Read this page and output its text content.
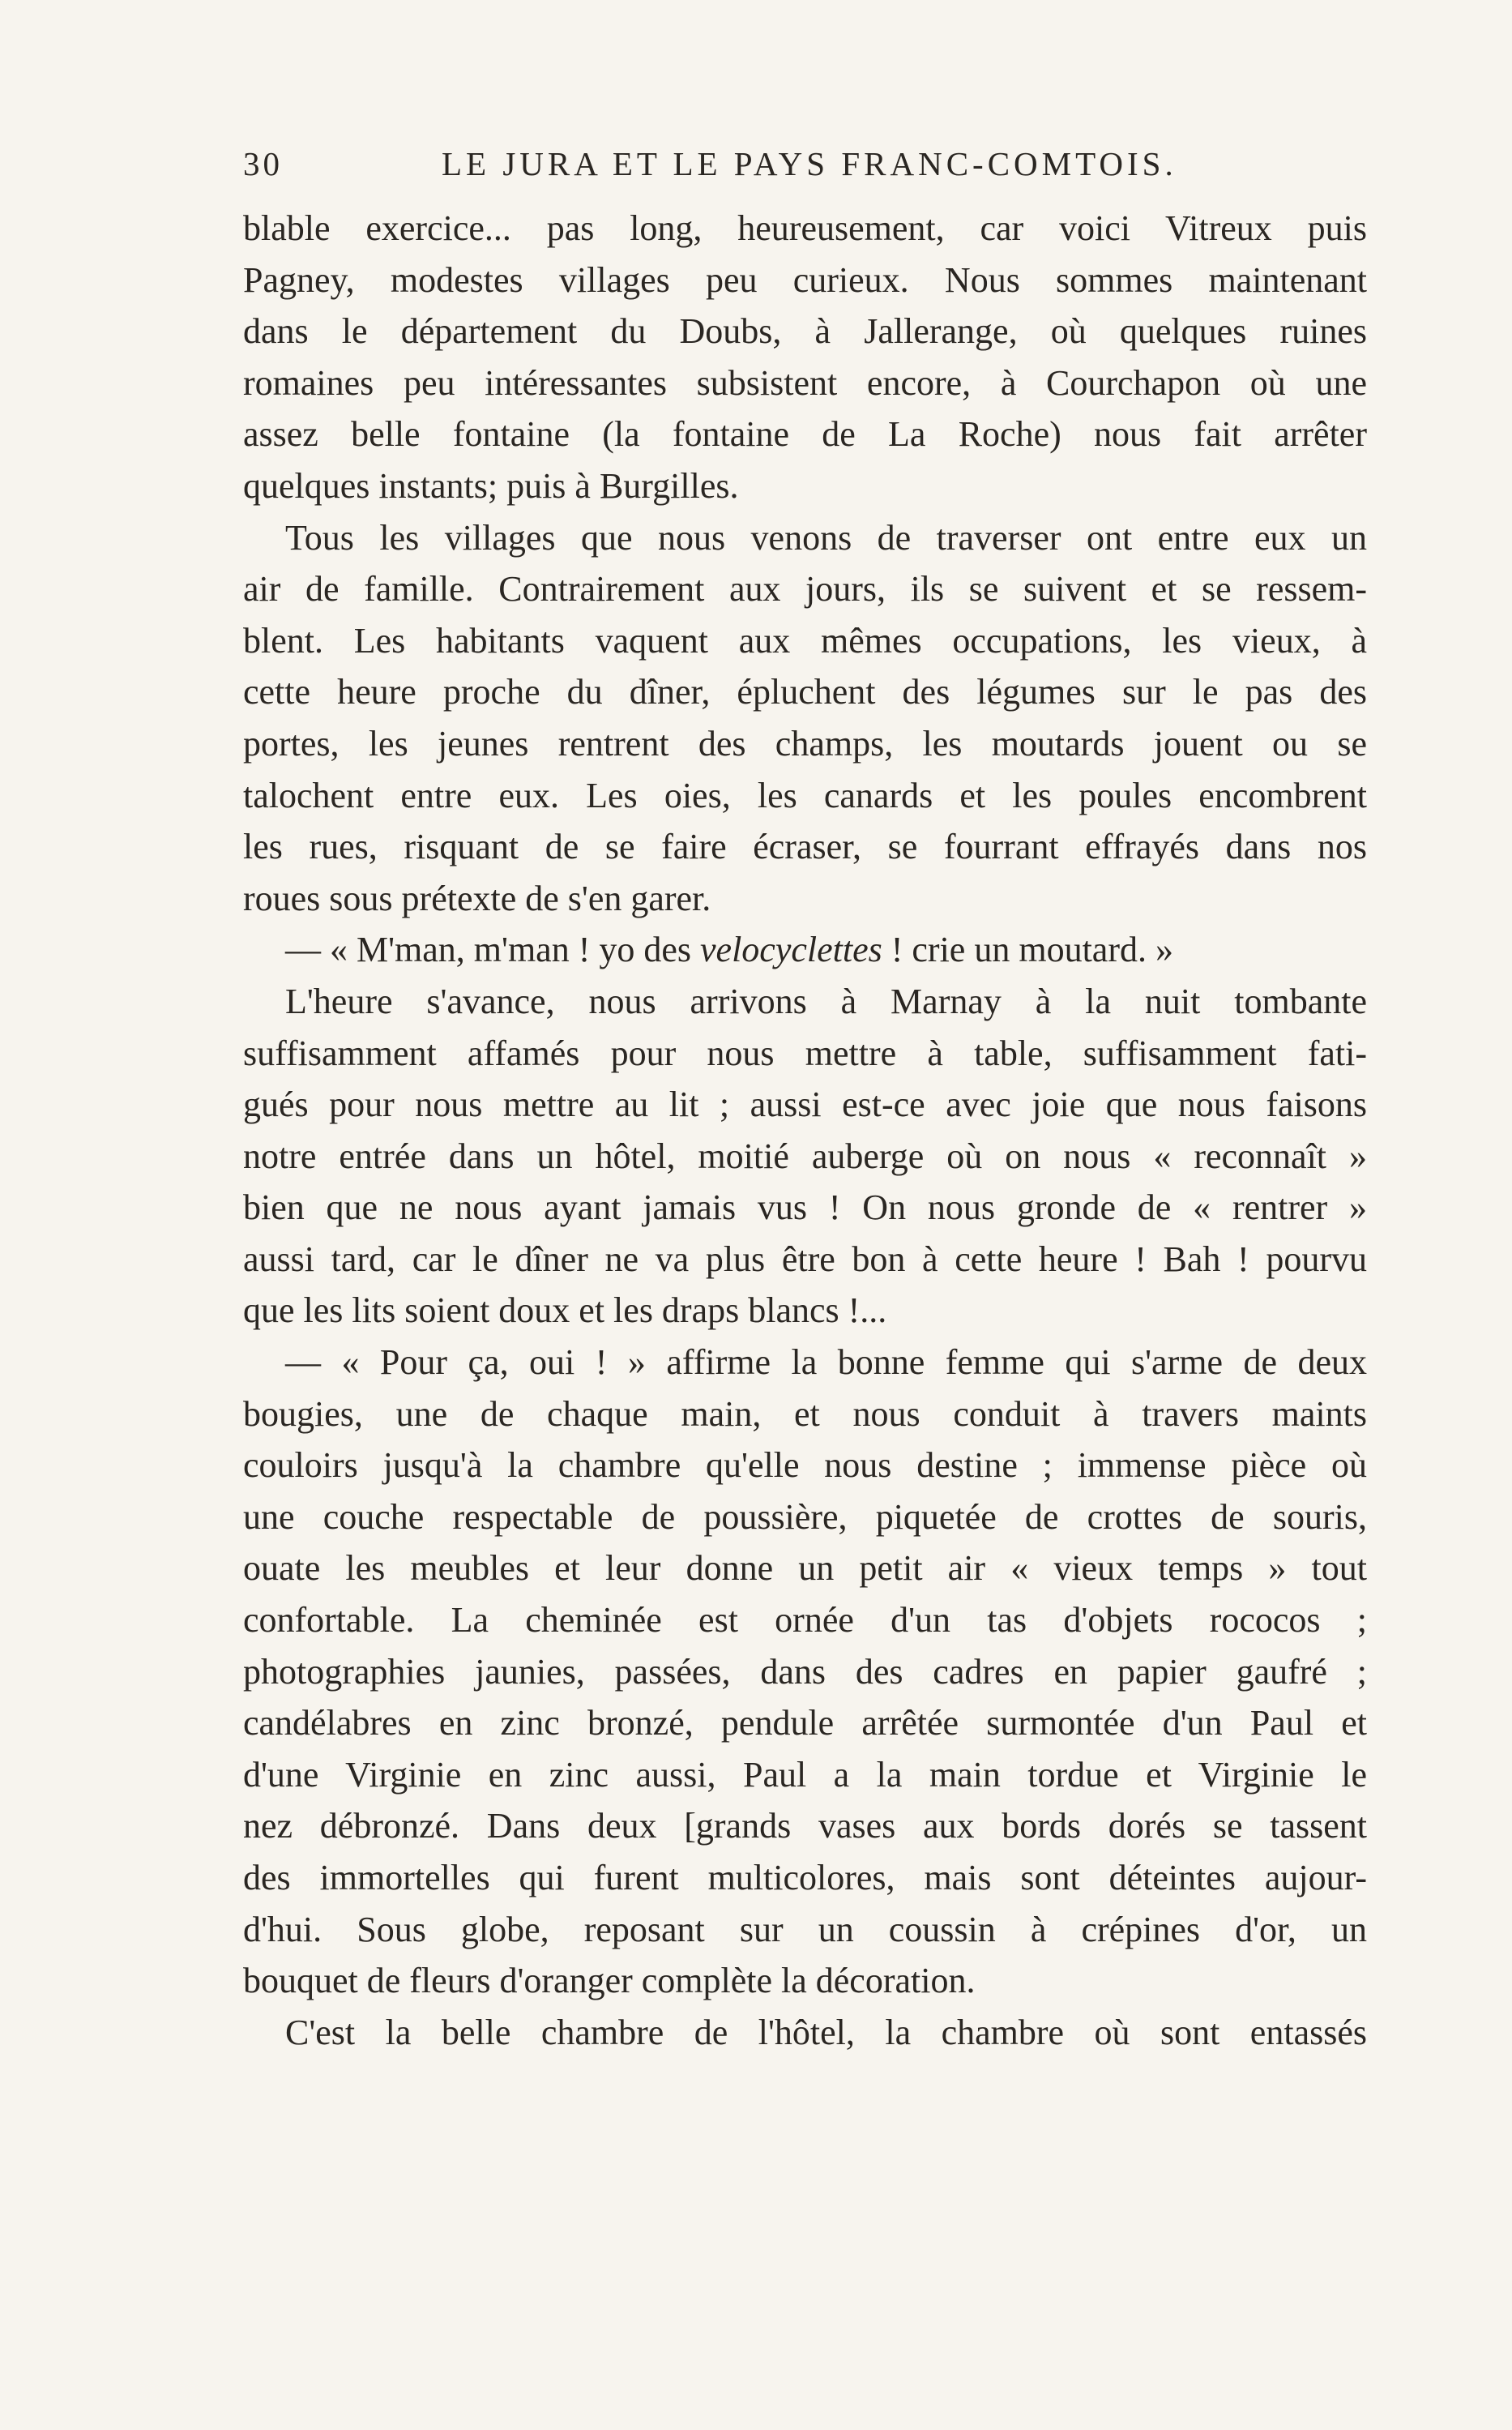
30	LE JURA ET LE PAYS FRANC-COMTOIS.
blable exercice... pas long, heureusement, car voici Vitreux puis
Pagney, modestes villages peu curieux. Nous sommes maintenant
dans le département du Doubs, à Jallerange, où quelques ruines
romaines peu intéressantes subsistent encore, à Courchapon où une
assez belle fontaine (la fontaine de La Roche) nous fait arrêter
quelques instants; puis à Burgilles.
Tous les villages que nous venons de traverser ont entre eux un
air de famille. Contrairement aux jours, ils se suivent et se ressem-
blent. Les habitants vaquent aux mêmes occupations, les vieux, à
cette heure proche du dîner, épluchent des légumes sur le pas des
portes, les jeunes rentrent des champs, les moutards jouent ou se
talochent entre eux. Les oies, les canards et les poules encombrent
les rues, risquant de se faire écraser, se fourrant effrayés dans nos
roues sous prétexte de s'en garer.
— « M'man, m'man ! yo des velocyclettes ! crie un moutard. »
L'heure s'avance, nous arrivons à Marnay à la nuit tombante
suffisamment affamés pour nous mettre à table, suffisamment fati-
gués pour nous mettre au lit ; aussi est-ce avec joie que nous faisons
notre entrée dans un hôtel, moitié auberge où on nous « reconnaît »
bien que ne nous ayant jamais vus ! On nous gronde de « rentrer »
aussi tard, car le dîner ne va plus être bon à cette heure ! Bah ! pourvu
que les lits soient doux et les draps blancs !...
— « Pour ça, oui ! » affirme la bonne femme qui s'arme de deux
bougies, une de chaque main, et nous conduit à travers maints
couloirs jusqu'à la chambre qu'elle nous destine ; immense pièce où
une couche respectable de poussière, piquetée de crottes de souris,
ouate les meubles et leur donne un petit air « vieux temps » tout
confortable. La cheminée est ornée d'un tas d'objets rococos ;
photographies jaunies, passées, dans des cadres en papier gaufré ;
candélabres en zinc bronzé, pendule arrêtée surmontée d'un Paul et
d'une Virginie en zinc aussi, Paul a la main tordue et Virginie le
nez débronzé. Dans deux [grands vases aux bords dorés se tassent
des immortelles qui furent multicolores, mais sont déteintes aujour-
d'hui. Sous globe, reposant sur un coussin à crépines d'or, un
bouquet de fleurs d'oranger complète la décoration.
C'est la belle chambre de l'hôtel, la chambre où sont entassés
